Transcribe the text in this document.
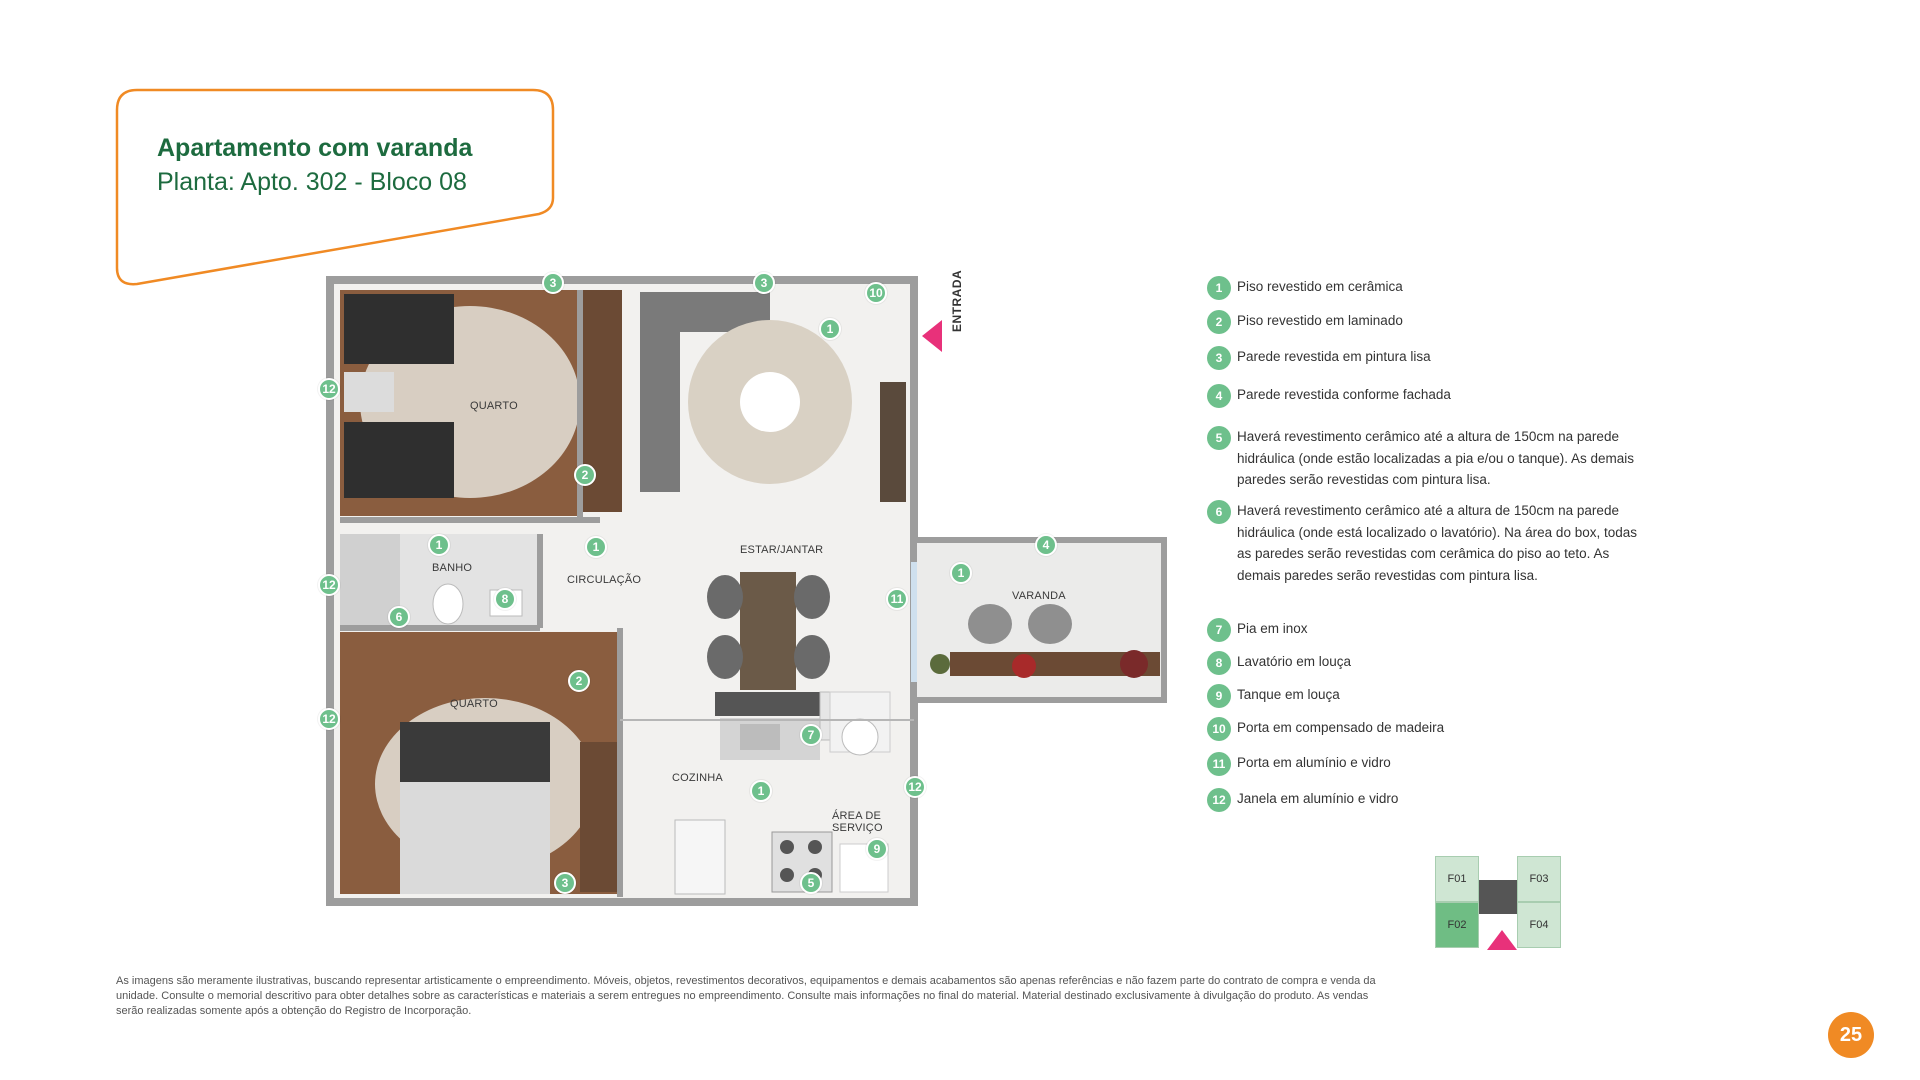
Apartamento com varanda
Planta: Apto. 302 - Bloco 08
QUARTO
BANHO
CIRCULAÇÃO
ESTAR/JANTAR
VARANDA
QUARTO
COZINHA
ÁREA DE
SERVIÇO
ENTRADA
3	3
10
1
12
2
1	1	4
1
12
8
6
11
2
12
7
12
1
9
3	5
1	Piso revestido em cerâmica
2	Piso revestido em laminado
3	Parede revestida em pintura lisa
4	Parede revestida conforme fachada
5	Haverá revestimento cerâmico até a altura de 150cm na parede hidráulica (onde estão localizadas a pia e/ou o tanque). As demais paredes serão revestidas com pintura lisa.
6	Haverá revestimento cerâmico até a altura de 150cm na parede hidráulica (onde está localizado o lavatório). Na área do box, todas as paredes serão revestidas com cerâmica do piso ao teto. As demais paredes serão revestidas com pintura lisa.
7	Pia em inox
8	Lavatório em louça
9	Tanque em louça
10 Porta em compensado de madeira
11 Porta em alumínio e vidro
12 Janela em alumínio e vidro
F01	F03
F02	F04
As imagens são meramente ilustrativas, buscando representar artisticamente o empreendimento. Móveis, objetos, revestimentos decorativos, equipamentos e demais acabamentos são apenas referências e não fazem parte do contrato de compra e venda da unidade. Consulte o memorial descritivo para obter detalhes sobre as características e materiais a serem entregues no empreendimento. Consulte mais informações no final do material. Material destinado exclusivamente à divulgação do produto. As vendas serão realizadas somente após a obtenção do Registro de Incorporação.
25
